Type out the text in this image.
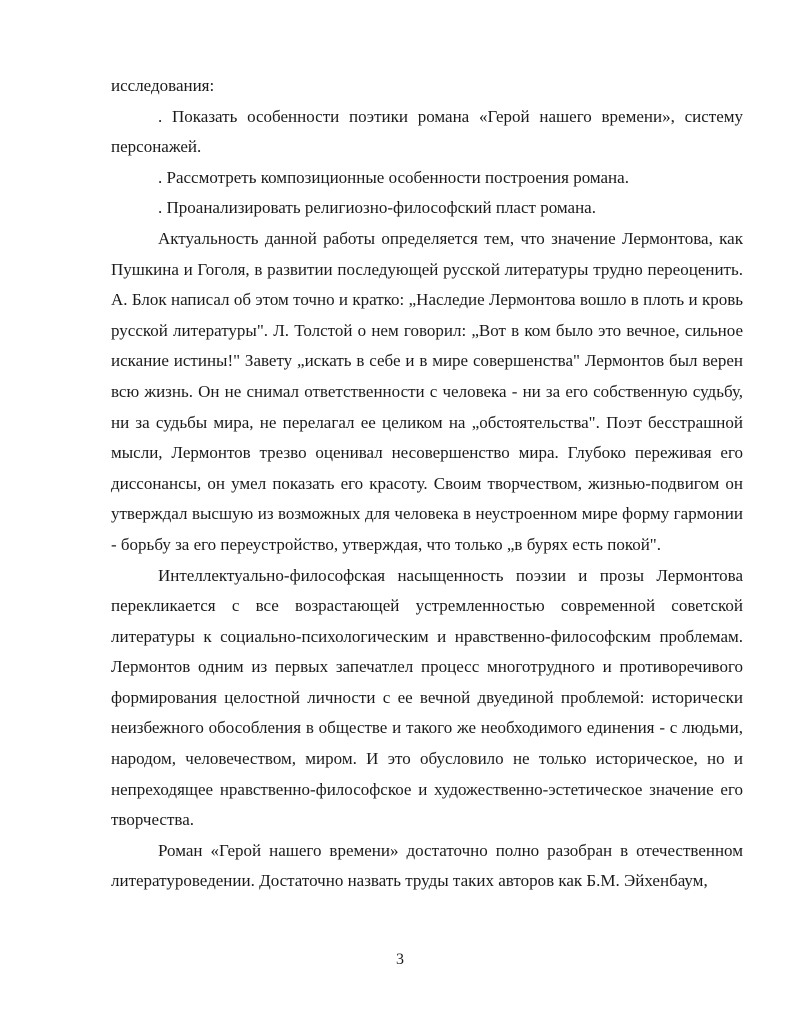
исследования:

. Показать особенности поэтики романа «Герой нашего времени», систему персонажей.

. Рассмотреть композиционные особенности построения романа.

. Проанализировать религиозно-философский пласт романа.

Актуальность данной работы определяется тем, что значение Лермонтова, как Пушкина и Гоголя, в развитии последующей русской литературы трудно переоценить. А. Блок написал об этом точно и кратко: „Наследие Лермонтова вошло в плоть и кровь русской литературы". Л. Толстой о нем говорил: „Вот в ком было это вечное, сильное искание истины!" Завету „искать в себе и в мире совершенства" Лермонтов был верен всю жизнь. Он не снимал ответственности с человека - ни за его собственную судьбу, ни за судьбы мира, не перелагал ее целиком на „обстоятельства". Поэт бесстрашной мысли, Лермонтов трезво оценивал несовершенство мира. Глубоко переживая его диссонансы, он умел показать его красоту. Своим творчеством, жизнью-подвигом он утверждал высшую из возможных для человека в неустроенном мире форму гармонии - борьбу за его переустройство, утверждая, что только „в бурях есть покой".

Интеллектуально-философская насыщенность поэзии и прозы Лермонтова перекликается с все возрастающей устремленностью современной советской литературы к социально-психологическим и нравственно-философским проблемам. Лермонтов одним из первых запечатлел процесс многотрудного и противоречивого формирования целостной личности с ее вечной двуединой проблемой: исторически неизбежного обособления в обществе и такого же необходимого единения - с людьми, народом, человечеством, миром. И это обусловило не только историческое, но и непреходящее нравственно-философское и художественно-эстетическое значение его творчества.

Роман «Герой нашего времени» достаточно полно разобран в отечественном литературоведении. Достаточно назвать труды таких авторов как Б.М. Эйхенбаум,

3
